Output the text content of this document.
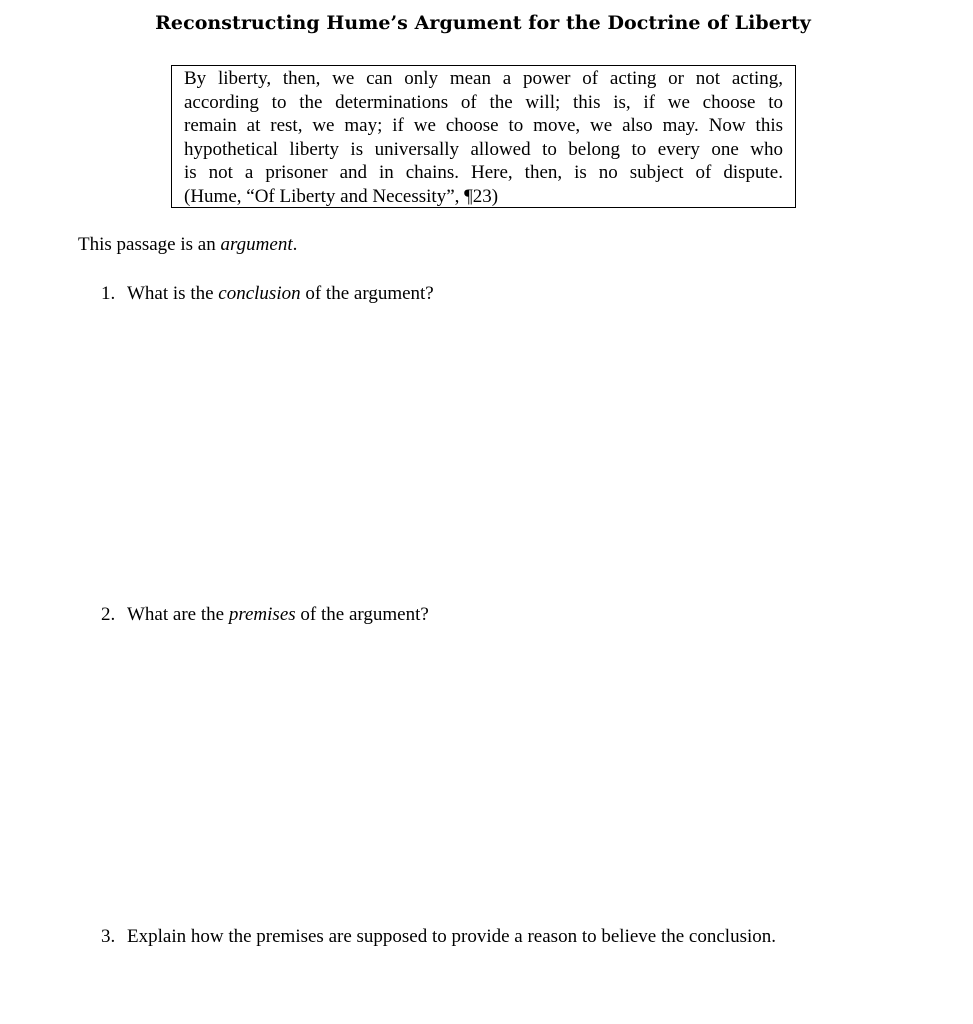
Reconstructing Hume’s Argument for the Doctrine of Liberty
By liberty, then, we can only mean a power of acting or not acting,
according to the determinations of the will; this is, if we choose to
remain at rest, we may; if we choose to move, we also may. Now this
hypothetical liberty is universally allowed to belong to every one who
is not a prisoner and in chains. Here, then, is no subject of dispute.
(Hume, “Of Liberty and Necessity”, ¶23)
This passage is an argument.
1. What is the conclusion of the argument?
2. What are the premises of the argument?
3. Explain how the premises are supposed to provide a reason to believe the conclusion.
